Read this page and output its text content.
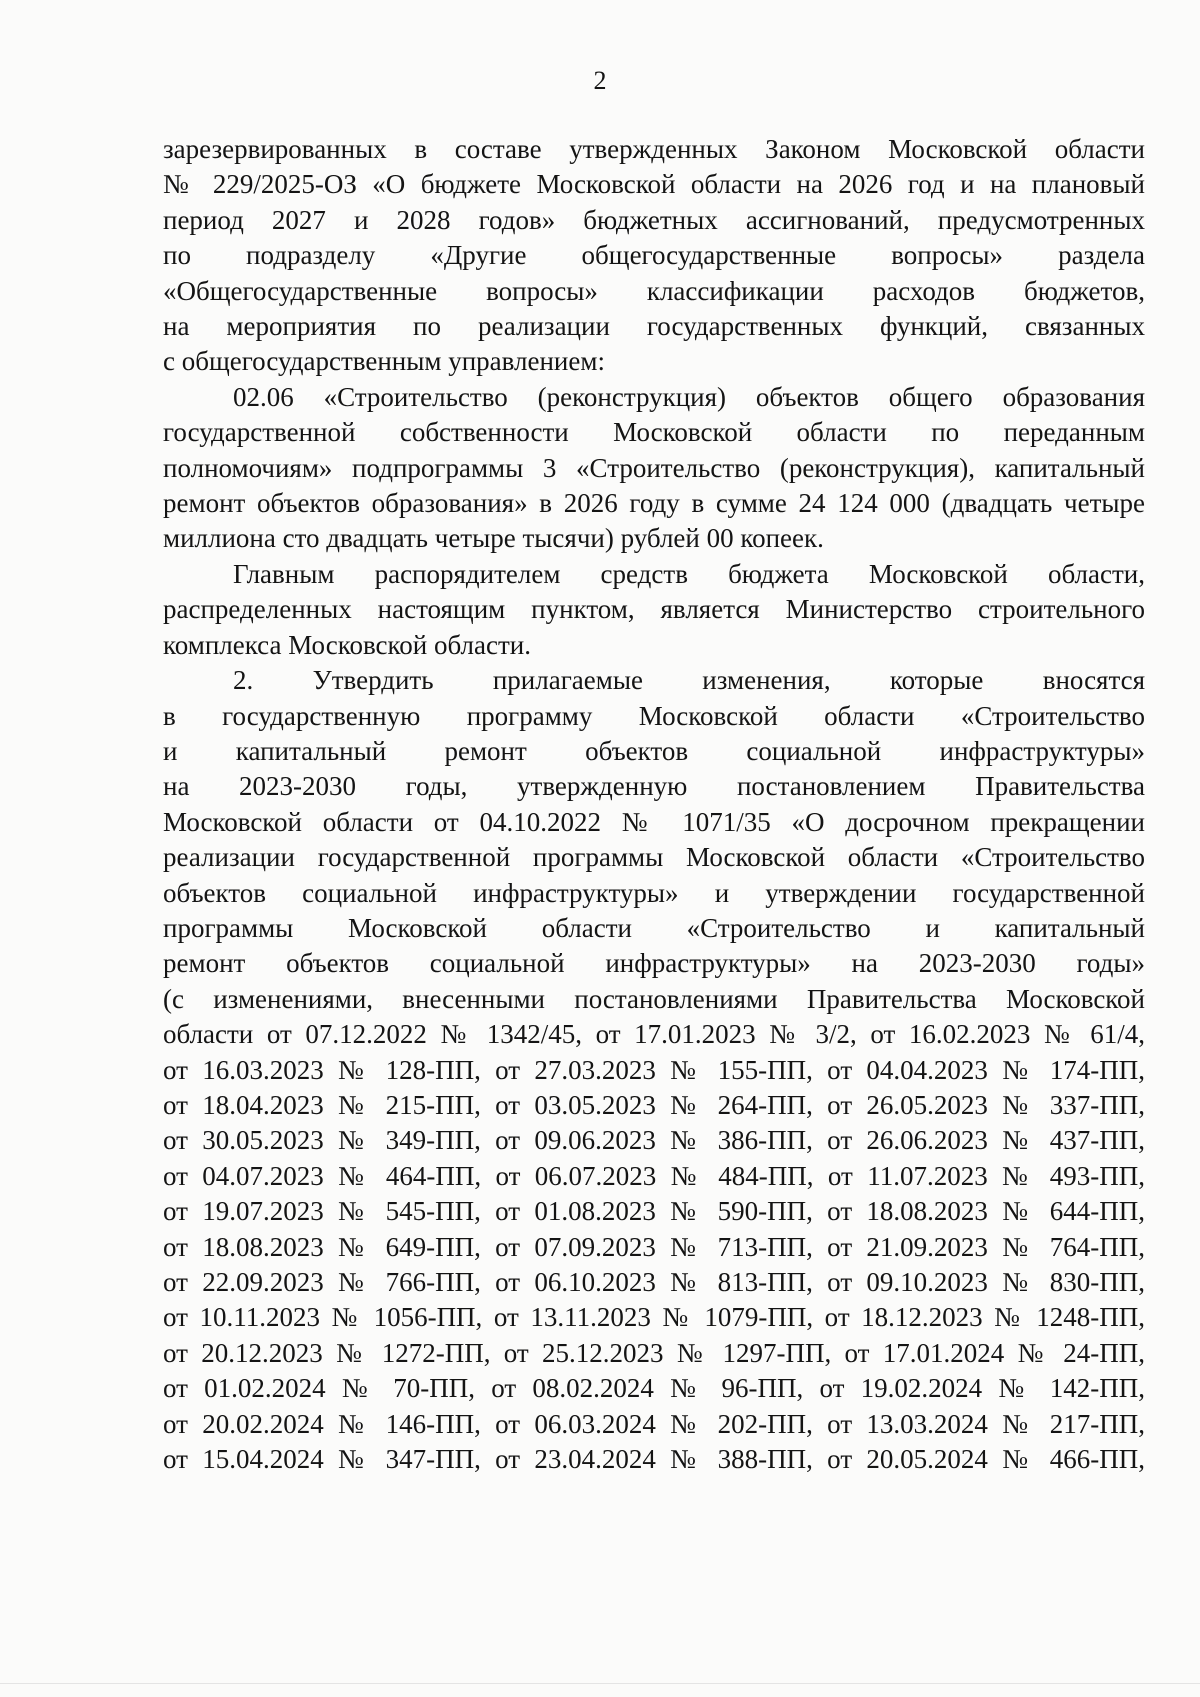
2
зарезервированных в составе утвержденных Законом Московской области
№ 229/2025-ОЗ «О бюджете Московской области на 2026 год и на плановый
период 2027 и 2028 годов» бюджетных ассигнований, предусмотренных
по подразделу «Другие общегосударственные вопросы» раздела
«Общегосударственные вопросы» классификации расходов бюджетов,
на мероприятия по реализации государственных функций, связанных
с общегосударственным управлением:
02.06 «Строительство (реконструкция) объектов общего образования
государственной собственности Московской области по переданным
полномочиям» подпрограммы 3 «Строительство (реконструкция), капитальный
ремонт объектов образования» в 2026 году в сумме 24 124 000 (двадцать четыре
миллиона сто двадцать четыре тысячи) рублей 00 копеек.
Главным распорядителем средств бюджета Московской области,
распределенных настоящим пунктом, является Министерство строительного
комплекса Московской области.
2. Утвердить прилагаемые изменения, которые вносятся
в государственную программу Московской области «Строительство
и капитальный ремонт объектов социальной инфраструктуры»
на 2023-2030 годы, утвержденную постановлением Правительства
Московской области от 04.10.2022 № 1071/35 «О досрочном прекращении
реализации государственной программы Московской области «Строительство
объектов социальной инфраструктуры» и утверждении государственной
программы Московской области «Строительство и капитальный
ремонт объектов социальной инфраструктуры» на 2023-2030 годы»
(с изменениями, внесенными постановлениями Правительства Московской
области от 07.12.2022 № 1342/45, от 17.01.2023 № 3/2, от 16.02.2023 № 61/4,
от 16.03.2023 № 128-ПП, от 27.03.2023 № 155-ПП, от 04.04.2023 № 174-ПП,
от 18.04.2023 № 215-ПП, от 03.05.2023 № 264-ПП, от 26.05.2023 № 337-ПП,
от 30.05.2023 № 349-ПП, от 09.06.2023 № 386-ПП, от 26.06.2023 № 437-ПП,
от 04.07.2023 № 464-ПП, от 06.07.2023 № 484-ПП, от 11.07.2023 № 493-ПП,
от 19.07.2023 № 545-ПП, от 01.08.2023 № 590-ПП, от 18.08.2023 № 644-ПП,
от 18.08.2023 № 649-ПП, от 07.09.2023 № 713-ПП, от 21.09.2023 № 764-ПП,
от 22.09.2023 № 766-ПП, от 06.10.2023 № 813-ПП, от 09.10.2023 № 830-ПП,
от 10.11.2023 № 1056-ПП, от 13.11.2023 № 1079-ПП, от 18.12.2023 № 1248-ПП,
от 20.12.2023 № 1272-ПП, от 25.12.2023 № 1297-ПП, от 17.01.2024 № 24-ПП,
от 01.02.2024 № 70-ПП, от 08.02.2024 № 96-ПП, от 19.02.2024 № 142-ПП,
от 20.02.2024 № 146-ПП, от 06.03.2024 № 202-ПП, от 13.03.2024 № 217-ПП,
от 15.04.2024 № 347-ПП, от 23.04.2024 № 388-ПП, от 20.05.2024 № 466-ПП,
